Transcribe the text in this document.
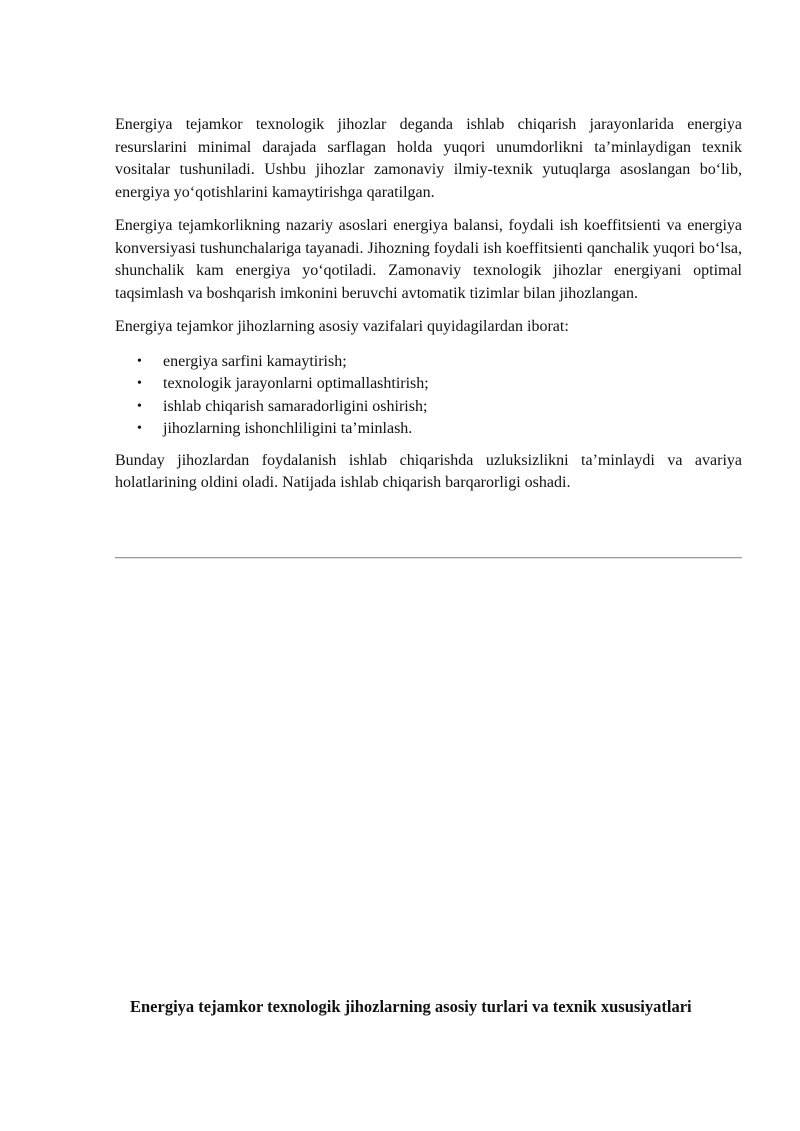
Energiya tejamkor texnologik jihozlar deganda ishlab chiqarish jarayonlarida energiya resurslarini minimal darajada sarflagan holda yuqori unumdorlikni ta’minlaydigan texnik vositalar tushuniladi. Ushbu jihozlar zamonaviy ilmiy-texnik yutuqlarga asoslangan bo‘lib, energiya yo‘qotishlarini kamaytirishga qaratilgan.

Energiya tejamkorlikning nazariy asoslari energiya balansi, foydali ish koeffitsienti va energiya konversiyasi tushunchalariga tayanadi. Jihozning foydali ish koeffitsienti qanchalik yuqori bo‘lsa, shunchalik kam energiya yo‘qotiladi. Zamonaviy texnologik jihozlar energiyani optimal taqsimlash va boshqarish imkonini beruvchi avtomatik tizimlar bilan jihozlangan.

Energiya tejamkor jihozlarning asosiy vazifalari quyidagilardan iborat:

• energiya sarfini kamaytirish;
• texnologik jarayonlarni optimallashtirish;
• ishlab chiqarish samaradorligini oshirish;
• jihozlarning ishonchliligini ta’minlash.

Bunday jihozlardan foydalanish ishlab chiqarishda uzluksizlikni ta’minlaydi va avariya holatlarining oldini oladi. Natijada ishlab chiqarish barqarorligi oshadi.

Energiya tejamkor texnologik jihozlarning asosiy turlari va texnik xususiyatlari
